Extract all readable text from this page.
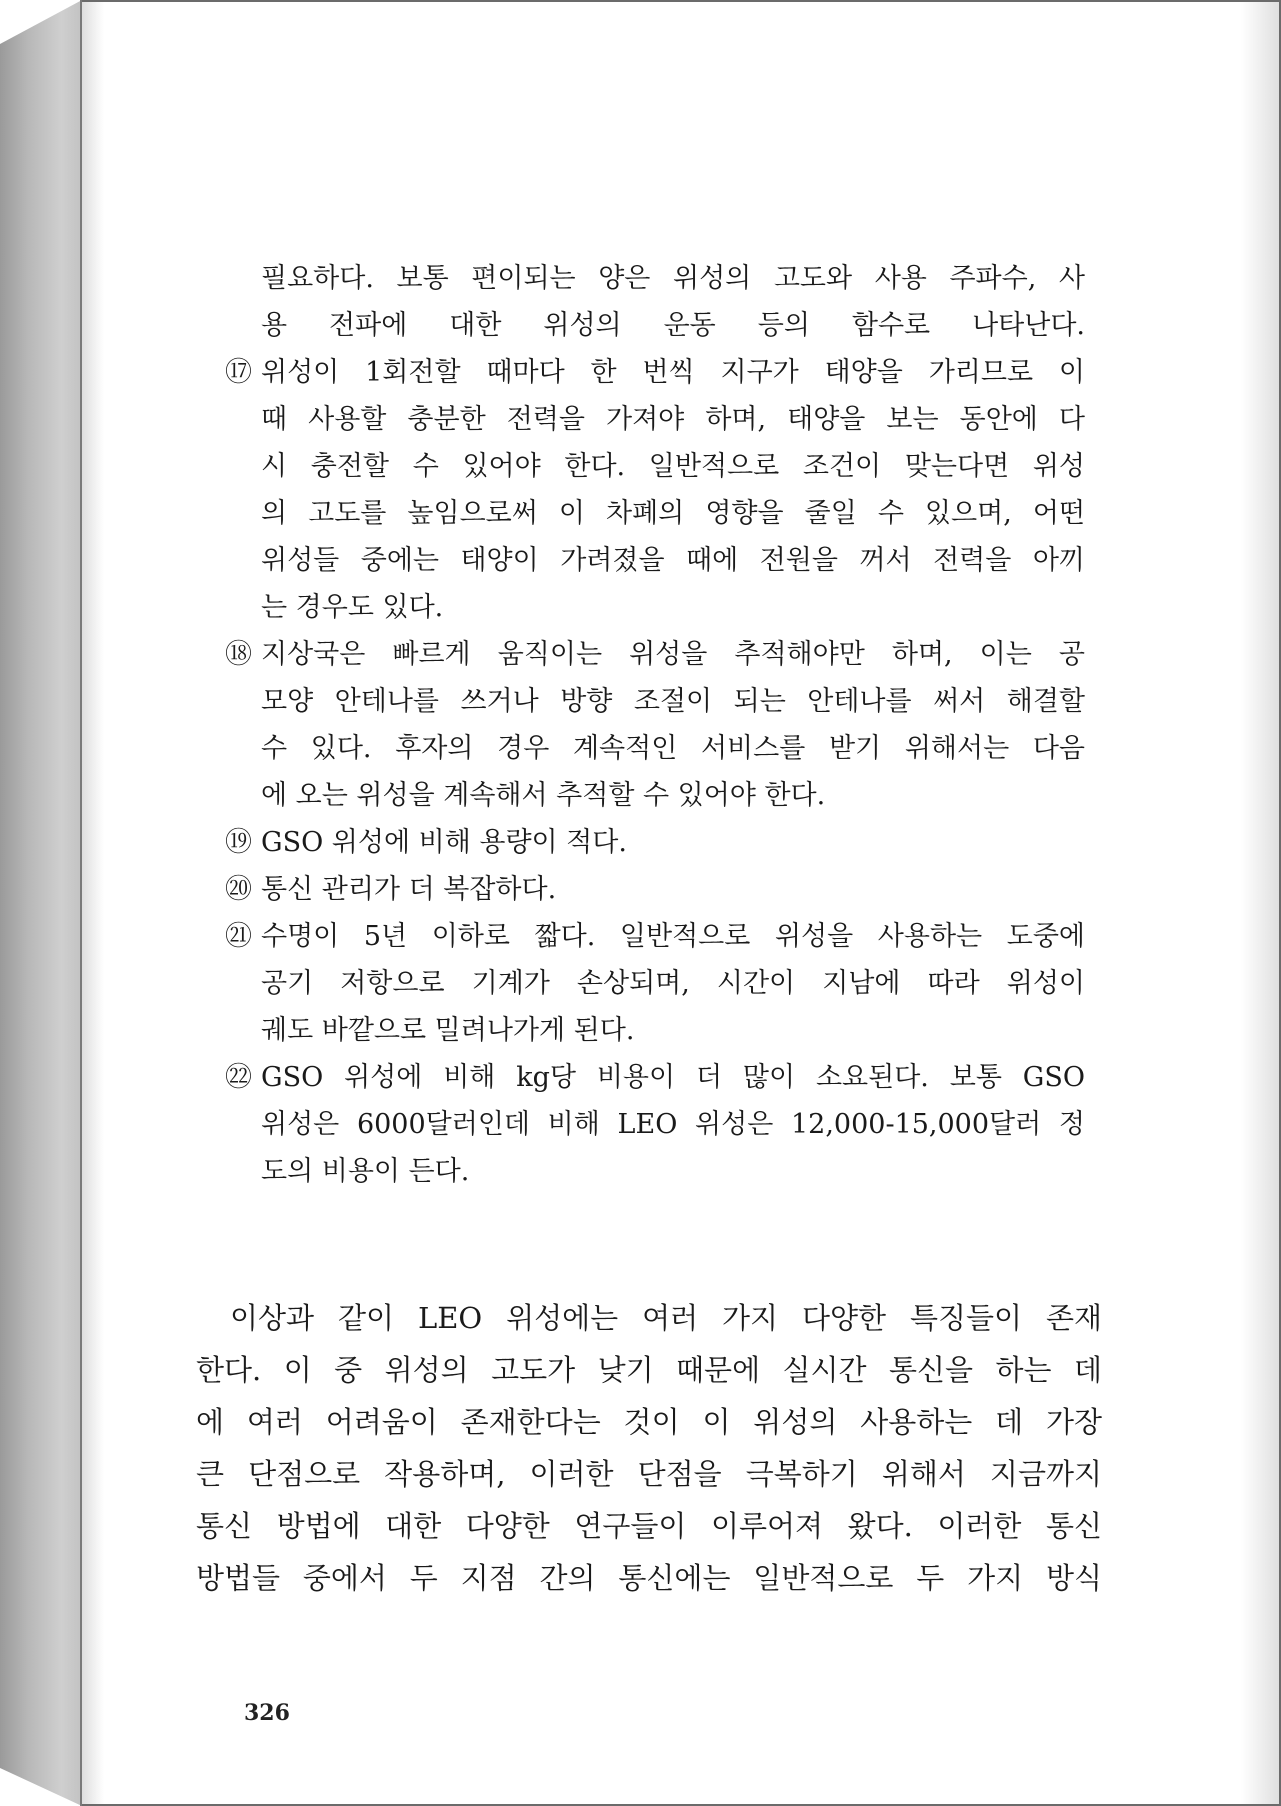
필요하다. 보통 편이되는 양은 위성의 고도와 사용 주파수, 사
용 전파에 대한 위성의 운동 등의 함수로 나타난다.
⑰ 위성이 1회전할 때마다 한 번씩 지구가 태양을 가리므로 이
때 사용할 충분한 전력을 가져야 하며, 태양을 보는 동안에 다
시 충전할 수 있어야 한다. 일반적으로 조건이 맞는다면 위성
의 고도를 높임으로써 이 차폐의 영향을 줄일 수 있으며, 어떤
위성들 중에는 태양이 가려졌을 때에 전원을 꺼서 전력을 아끼
는 경우도 있다.
⑱ 지상국은 빠르게 움직이는 위성을 추적해야만 하며, 이는 공
모양 안테나를 쓰거나 방향 조절이 되는 안테나를 써서 해결할
수 있다. 후자의 경우 계속적인 서비스를 받기 위해서는 다음
에 오는 위성을 계속해서 추적할 수 있어야 한다.
⑲ GSO 위성에 비해 용량이 적다.
⑳ 통신 관리가 더 복잡하다.
㉑ 수명이 5년 이하로 짧다. 일반적으로 위성을 사용하는 도중에
공기 저항으로 기계가 손상되며, 시간이 지남에 따라 위성이
궤도 바깥으로 밀려나가게 된다.
㉒ GSO 위성에 비해 kg당 비용이 더 많이 소요된다. 보통 GSO
위성은 6000달러인데 비해 LEO 위성은 12,000-15,000달러 정
도의 비용이 든다.
이상과 같이 LEO 위성에는 여러 가지 다양한 특징들이 존재
한다. 이 중 위성의 고도가 낮기 때문에 실시간 통신을 하는 데
에 여러 어려움이 존재한다는 것이 이 위성의 사용하는 데 가장
큰 단점으로 작용하며, 이러한 단점을 극복하기 위해서 지금까지
통신 방법에 대한 다양한 연구들이 이루어져 왔다. 이러한 통신
방법들 중에서 두 지점 간의 통신에는 일반적으로 두 가지 방식
326
